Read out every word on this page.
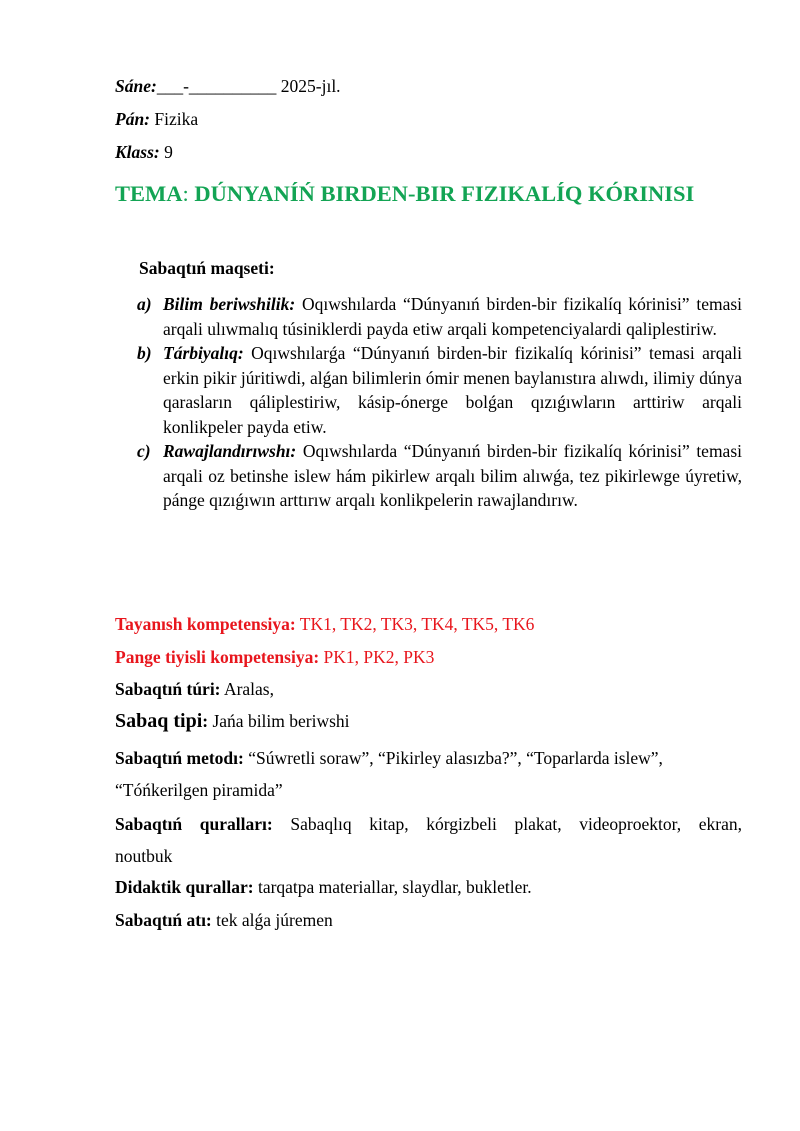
Sáne:___-__________ 2025-jıl.
Pán: Fizika
Klass: 9
TEMA: DÚNYANÍŃ BIRDEN-BIR FIZIKALÍQ KÓRINISI
Sabaqtıń maqseti:
a) Bilim beriwshilik: Oqıwshılarda “Dúnyanıń birden-bir fizikalíq kórinisi” temasi arqali ulıwmalıq túsiniklerdi payda etiw arqali kompetenciyalardi qaliplestiriw.
b) Tárbiyalıq: Oqıwshılarǵa “Dúnyanıń birden-bir fizikalíq kórinisi” temasi arqali erkin pikir júritiwdi, alǵan bilimlerin ómir menen baylanıstıra alıwdı, ilimiy dúnya qarasların qáliplestiriw, kásip-ónerge bolǵan qızıǵıwların arttiriw arqali konlikpeler payda etiw.
c) Rawajlandırıwshı: Oqıwshılarda “Dúnyanıń birden-bir fizikalíq kórinisi” temasi arqali oz betinshe islew hám pikirlew arqalı bilim alıwǵa, tez pikirlewge úyretiw, pánge qızıǵıwın arttırıw arqalı konlikpelerin rawajlandırıw.
Tayanısh kompetensiya: TK1, TK2, TK3, TK4, TK5, TK6
Pange tiyisli kompetensiya: PK1, PK2, PK3
Sabaqtıń túri: Aralas,
Sabaq tipi: Jańa bilim beriwshi
Sabaqtıń metodı: “Súwretli soraw”, “Pikirley alasızba?”, “Toparlarda islew”,
“Tóńkerilgen piramida”
Sabaqtıń quralları: Sabaqlıq kitap, kórgizbeli plakat, videoproektor, ekran,
noutbuk
Didaktik qurallar: tarqatpa materiallar, slaydlar, bukletler.
Sabaqtıń atı: tek alǵa júremen
